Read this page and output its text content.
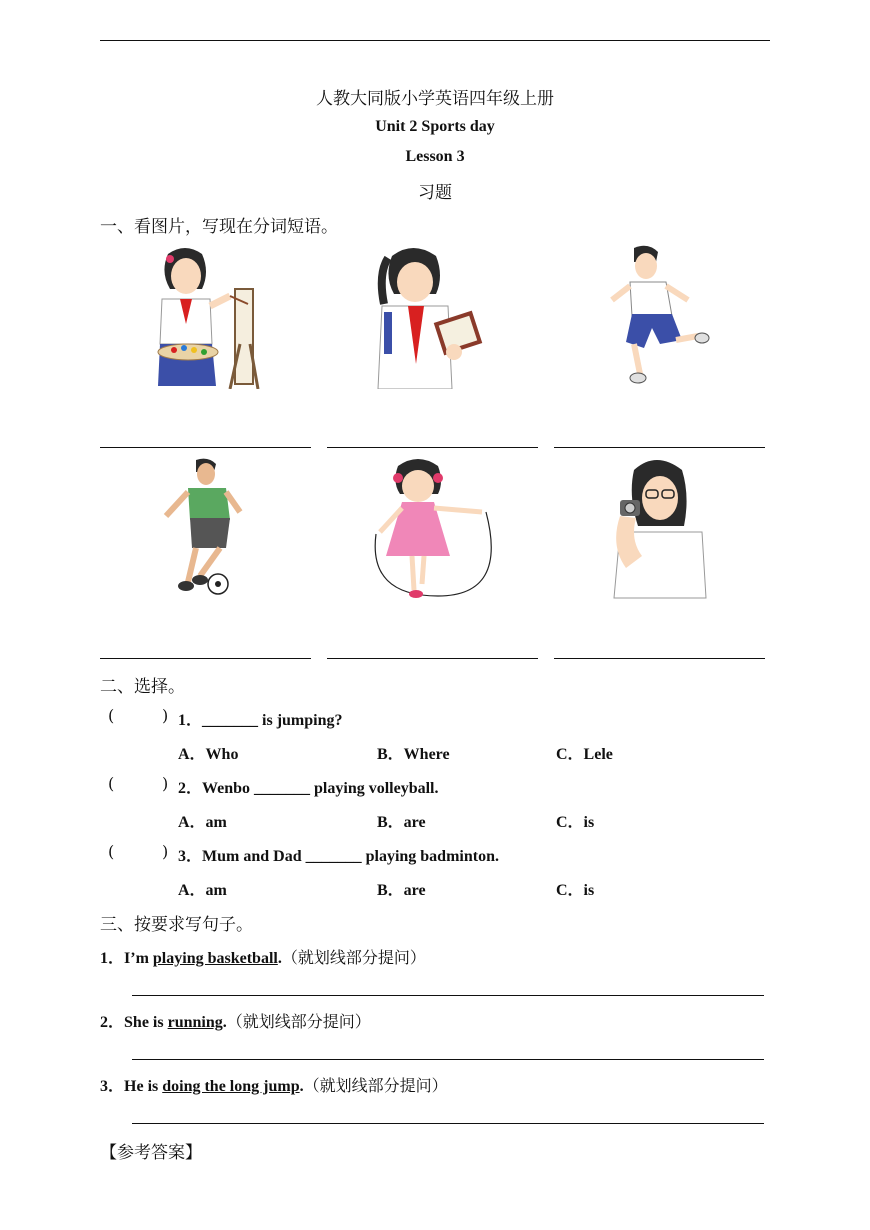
人教大同版小学英语四年级上册
Unit 2 Sports day
Lesson 3
习题
一、看图片，写现在分词短语。
二、选择。
(	) 1．_______ is jumping?
A．Who	B．Where	C．Lele
(	) 2．Wenbo _______ playing volleyball.
A．am	B．are	C．is
(	) 3．Mum and Dad _______ playing badminton.
A．am	B．are	C．is
三、按要求写句子。
1．I’m playing basketball.（就划线部分提问）
2．She is running.（就划线部分提问）
3．He is doing the long jump.（就划线部分提问）
【参考答案】
